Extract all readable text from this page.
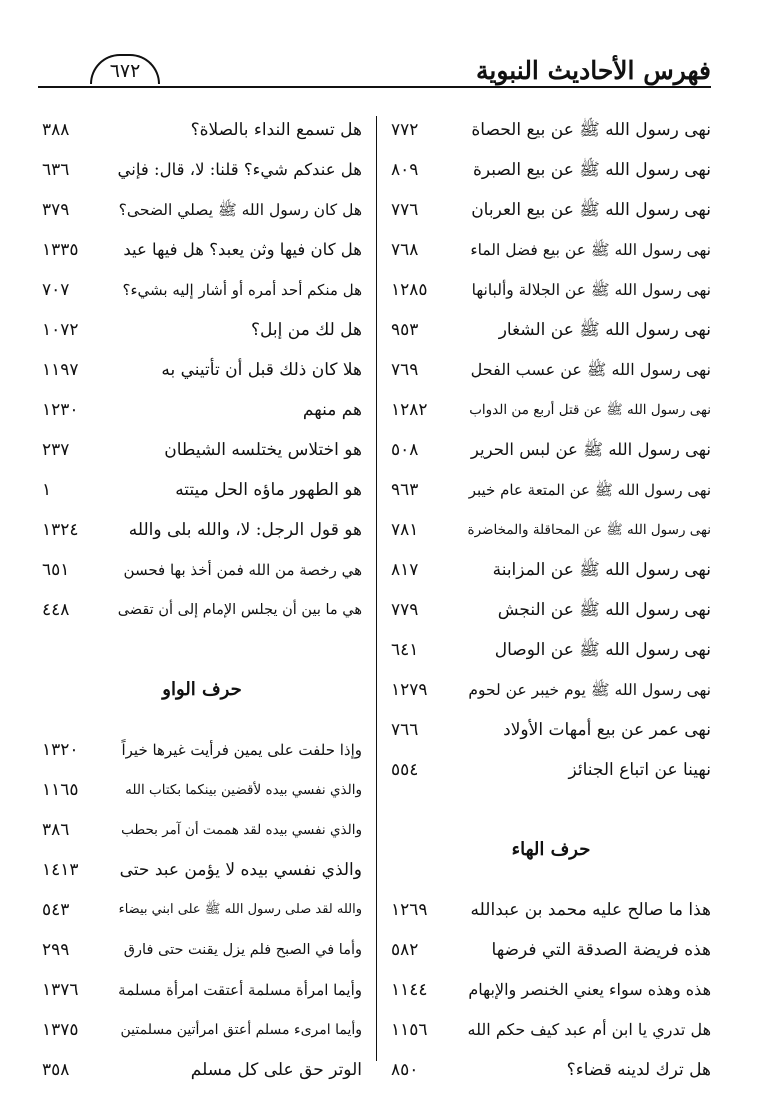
فهرس الأحاديث النبوية
٦٧٢
نهى رسول الله ﷺ عن بيع الحصاة
٧٧٢
نهى رسول الله ﷺ عن بيع الصبرة
٨٠٩
نهى رسول الله ﷺ عن بيع العربان
٧٧٦
نهى رسول الله ﷺ عن بيع فضل الماء
٧٦٨
نهى رسول الله ﷺ عن الجلالة وألبانها
١٢٨٥
نهى رسول الله ﷺ عن الشغار
٩٥٣
نهى رسول الله ﷺ عن عسب الفحل
٧٦٩
نهى رسول الله ﷺ عن قتل أربع من الدواب
١٢٨٢
نهى رسول الله ﷺ عن لبس الحرير
٥٠٨
نهى رسول الله ﷺ عن المتعة عام خيبر
٩٦٣
نهى رسول الله ﷺ عن المحاقلة والمخاضرة
٧٨١
نهى رسول الله ﷺ عن المزابنة
٨١٧
نهى رسول الله ﷺ عن النجش
٧٧٩
نهى رسول الله ﷺ عن الوصال
٦٤١
نهى رسول الله ﷺ يوم خيبر عن لحوم
١٢٧٩
نهى عمر عن بيع أمهات الأولاد
٧٦٦
نهينا عن اتباع الجنائز
٥٥٤
حرف الهاء
هذا ما صالح عليه محمد بن عبدالله
١٢٦٩
هذه فريضة الصدقة التي فرضها
٥٨٢
هذه وهذه سواء يعني الخنصر والإبهام
١١٤٤
هل تدري يا ابن أم عبد كيف حكم الله
١١٥٦
هل ترك لدينه قضاء؟
٨٥٠
هل تسمع النداء بالصلاة؟
٣٨٨
هل عندكم شيء؟ قلنا: لا، قال: فإني
٦٣٦
هل كان رسول الله ﷺ يصلي الضحى؟
٣٧٩
هل كان فيها وثن يعبد؟ هل فيها عيد
١٣٣٥
هل منكم أحد أمره أو أشار إليه بشيء؟
٧٠٧
هل لك من إبل؟
١٠٧٢
هلا كان ذلك قبل أن تأتيني به
١١٩٧
هم منهم
١٢٣٠
هو اختلاس يختلسه الشيطان
٢٣٧
هو الطهور ماؤه الحل ميتته
١
هو قول الرجل: لا، والله بلى والله
١٣٢٤
هي رخصة من الله فمن أخذ بها فحسن
٦٥١
هي ما بين أن يجلس الإمام إلى أن تقضى
٤٤٨
حرف الواو
وإذا حلفت على يمين فرأيت غيرها خيراً
١٣٢٠
والذي نفسي بيده لأقضين بينكما بكتاب الله
١١٦٥
والذي نفسي بيده لقد هممت أن آمر بحطب
٣٨٦
والذي نفسي بيده لا يؤمن عبد حتى
١٤١٣
والله لقد صلى رسول الله ﷺ على ابني بيضاء
٥٤٣
وأما في الصبح فلم يزل يقنت حتى فارق
٢٩٩
وأيما امرأة مسلمة أعتقت امرأة مسلمة
١٣٧٦
وأيما امرىء مسلم أعتق امرأتين مسلمتين
١٣٧٥
الوتر حق على كل مسلم
٣٥٨
